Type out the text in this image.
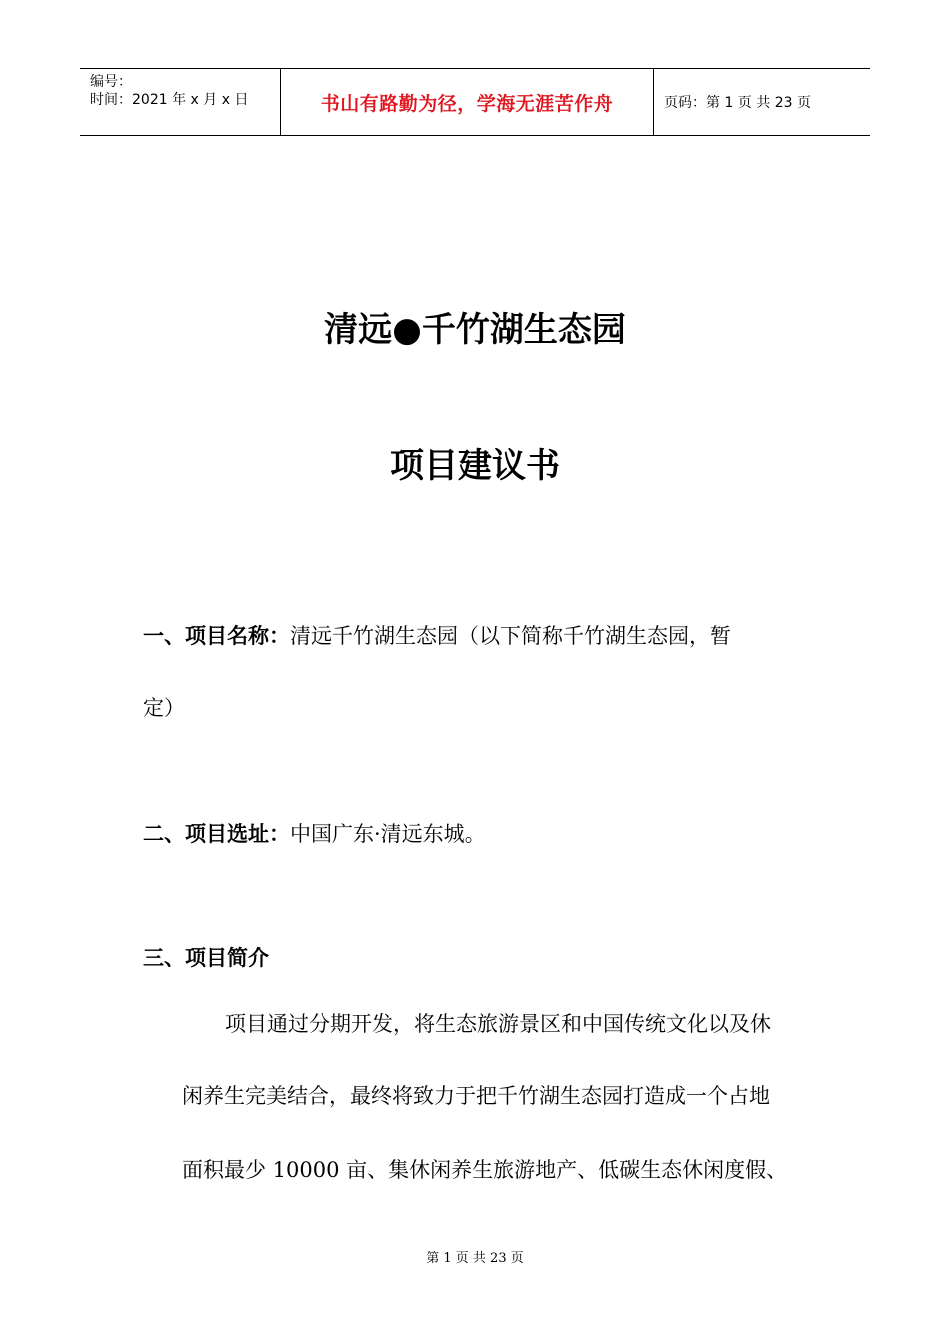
编号：
时间：2021 年 x 月 x 日	书山有路勤为径，学海无涯苦作舟	页码：第 1 页 共 23 页
清远●千竹湖生态园
项目建议书
一、项目名称：清远千竹湖生态园（以下简称千竹湖生态园，暂
定）
二、项目选址：中国广东·清远东城。
三、项目简介
项目通过分期开发，将生态旅游景区和中国传统文化以及休
闲养生完美结合，最终将致力于把千竹湖生态园打造成一个占地
面积最少 10000 亩、集休闲养生旅游地产、低碳生态休闲度假、
第 1 页 共 23 页
